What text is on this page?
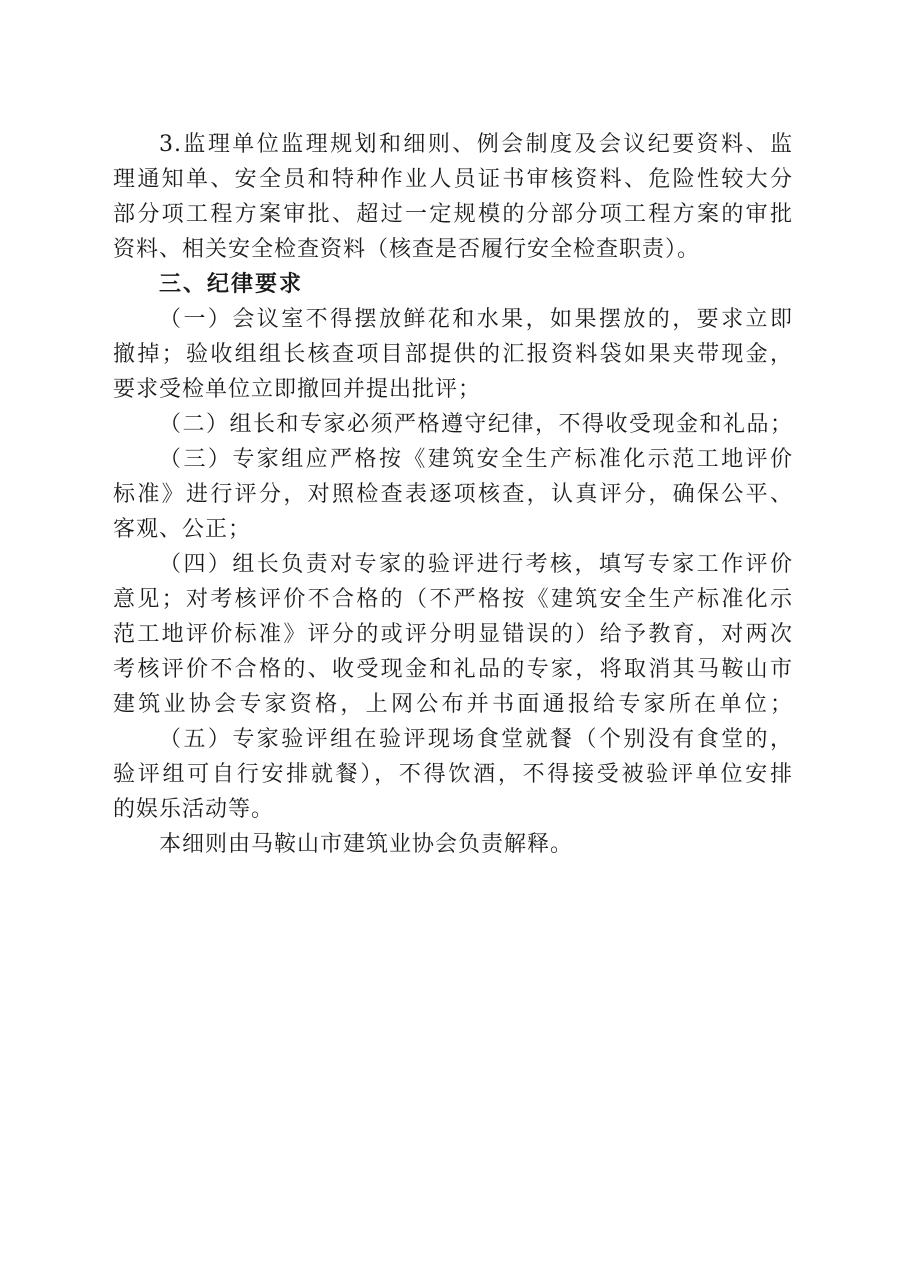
3.监理单位监理规划和细则、例会制度及会议纪要资料、监
理通知单、安全员和特种作业人员证书审核资料、危险性较大分
部分项工程方案审批、超过一定规模的分部分项工程方案的审批
资料、相关安全检查资料（核查是否履行安全检查职责）。
三、纪律要求
（一）会议室不得摆放鲜花和水果，如果摆放的，要求立即
撤掉；验收组组长核查项目部提供的汇报资料袋如果夹带现金，
要求受检单位立即撤回并提出批评；
（二）组长和专家必须严格遵守纪律，不得收受现金和礼品；
（三）专家组应严格按《建筑安全生产标准化示范工地评价
标准》进行评分，对照检查表逐项核查，认真评分，确保公平、
客观、公正；
（四）组长负责对专家的验评进行考核，填写专家工作评价
意见；对考核评价不合格的（不严格按《建筑安全生产标准化示
范工地评价标准》评分的或评分明显错误的）给予教育，对两次
考核评价不合格的、收受现金和礼品的专家，将取消其马鞍山市
建筑业协会专家资格，上网公布并书面通报给专家所在单位；
（五）专家验评组在验评现场食堂就餐（个别没有食堂的，
验评组可自行安排就餐），不得饮酒，不得接受被验评单位安排
的娱乐活动等。
本细则由马鞍山市建筑业协会负责解释。
